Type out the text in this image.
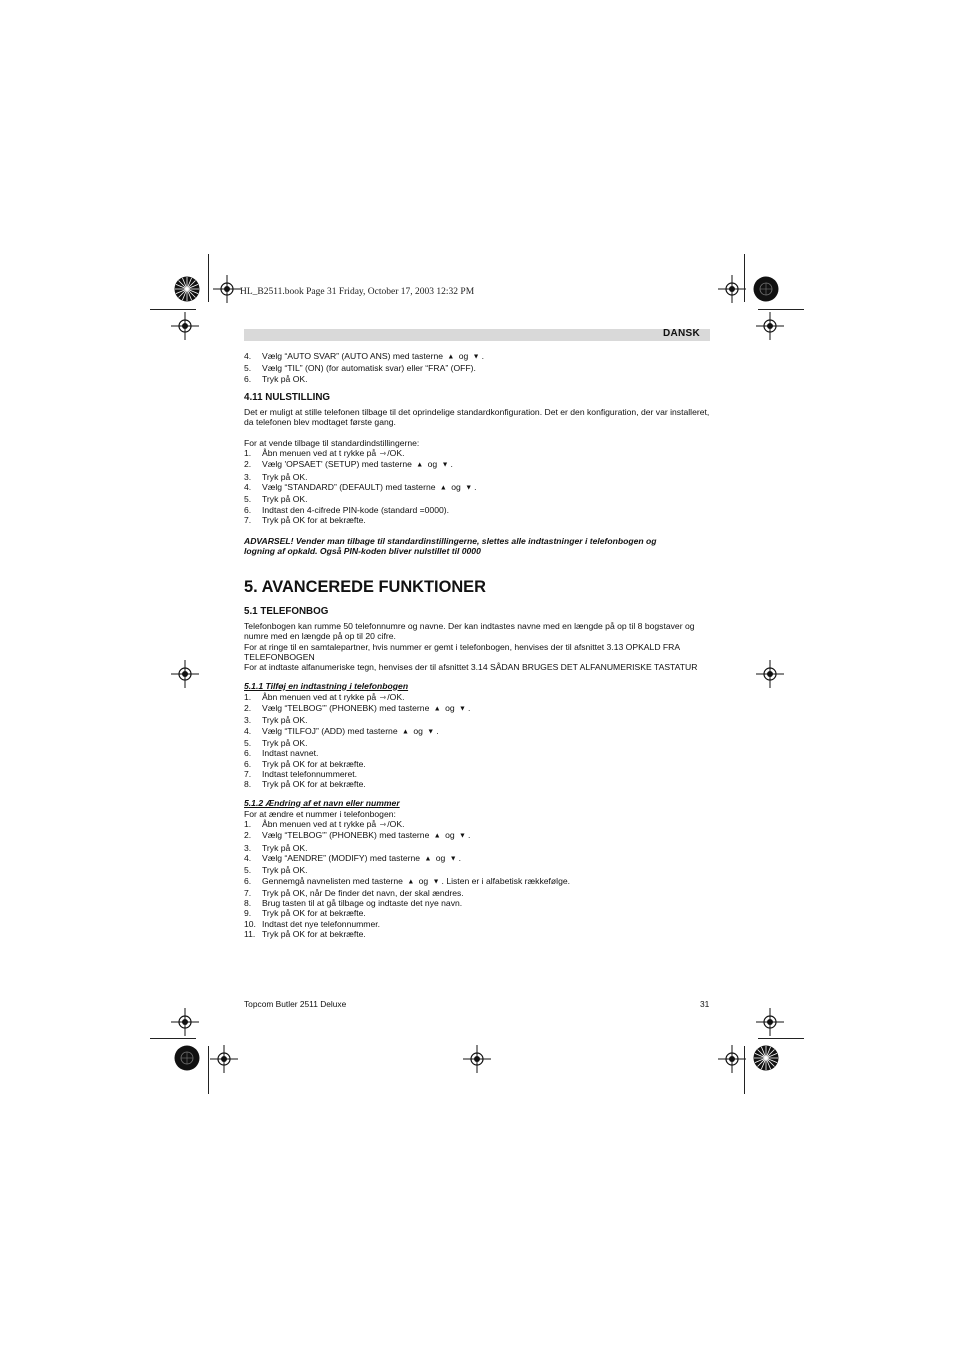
HL_B2511.book Page 31 Friday, October 17, 2003 12:32 PM
DANSK
4. Vælg “AUTO SVAR” (AUTO ANS) med tasterne ▲ og ▼ .
5. Vælg “TIL” (ON) (for automatisk svar) eller “FRA” (OFF).
6. Tryk på OK.
4.11 NULSTILLING

Det er muligt at stille telefonen tilbage til det oprindelige standardkonfiguration. Det er den konfiguration, der var installeret, da telefonen blev modtaget første gang.

For at vende tilbage til standardindstillingerne:

1. Åbn menuen ved at t rykke på ⇾/OK.
2. Vælg 'OPSAET' (SETUP) med tasterne ▲ og ▼ .
3. Tryk på OK.
4. Vælg “STANDARD” (DEFAULT) med tasterne ▲ og ▼ .
5. Tryk på OK.
6. Indtast den 4-cifrede PIN-kode (standard =0000).
7. Tryk på OK for at bekræfte.
ADVARSEL! Vender man tilbage til standardinstillingerne, slettes alle indtastninger i telefonbogen og
logning af opkald. Også PIN-koden bliver nulstillet til 0000
5. AVANCEREDE FUNKTIONER
5.1 TELEFONBOG

Telefonbogen kan rumme 50 telefonnumre og navne. Der kan indtastes navne med en længde på op til 8 bogstaver og numre med en længde på op til 20 cifre.

For at ringe til en samtalepartner, hvis nummer er gemt i telefonbogen, henvises der til afsnittet 3.13 OPKALD FRA TELEFONBOGEN

For at indtaste alfanumeriske tegn, henvises der til afsnittet 3.14 SÅDAN BRUGES DET ALFANUMERISKE TASTATUR

5.1.1 Tilføj en indtastning i telefonbogen
1. Åbn menuen ved at t rykke på ⇾/OK.
2. Vælg “TELBOG'” (PHONEBK) med tasterne ▲ og ▼ .
3. Tryk på OK.
4. Vælg “TILFOJ” (ADD) med tasterne ▲ og ▼ .
5. Tryk på OK.
6. Indtast navnet.
6. Tryk på OK for at bekræfte.
7. Indtast telefonnummeret.
8. Tryk på OK for at bekræfte.
5.1.2 Ændring af et navn eller nummer

For at ændre et nummer i telefonbogen:

1. Åbn menuen ved at t rykke på ⇾/OK.
2. Vælg “TELBOG'” (PHONEBK) med tasterne ▲ og ▼ .
3. Tryk på OK.
4. Vælg “AENDRE” (MODIFY) med tasterne ▲ og ▼ .
5. Tryk på OK.
6. Gennemgå navnelisten med tasterne ▲ og ▼ . Listen er i alfabetisk rækkefølge.
7. Tryk på OK, når De finder det navn, der skal ændres.
8. Brug tasten til at gå tilbage og indtaste det nye navn.
9. Tryk på OK for at bekræfte.
10. Indtast det nye telefonnummer.
11. Tryk på OK for at bekræfte.
Topcom Butler 2511 Deluxe	31
